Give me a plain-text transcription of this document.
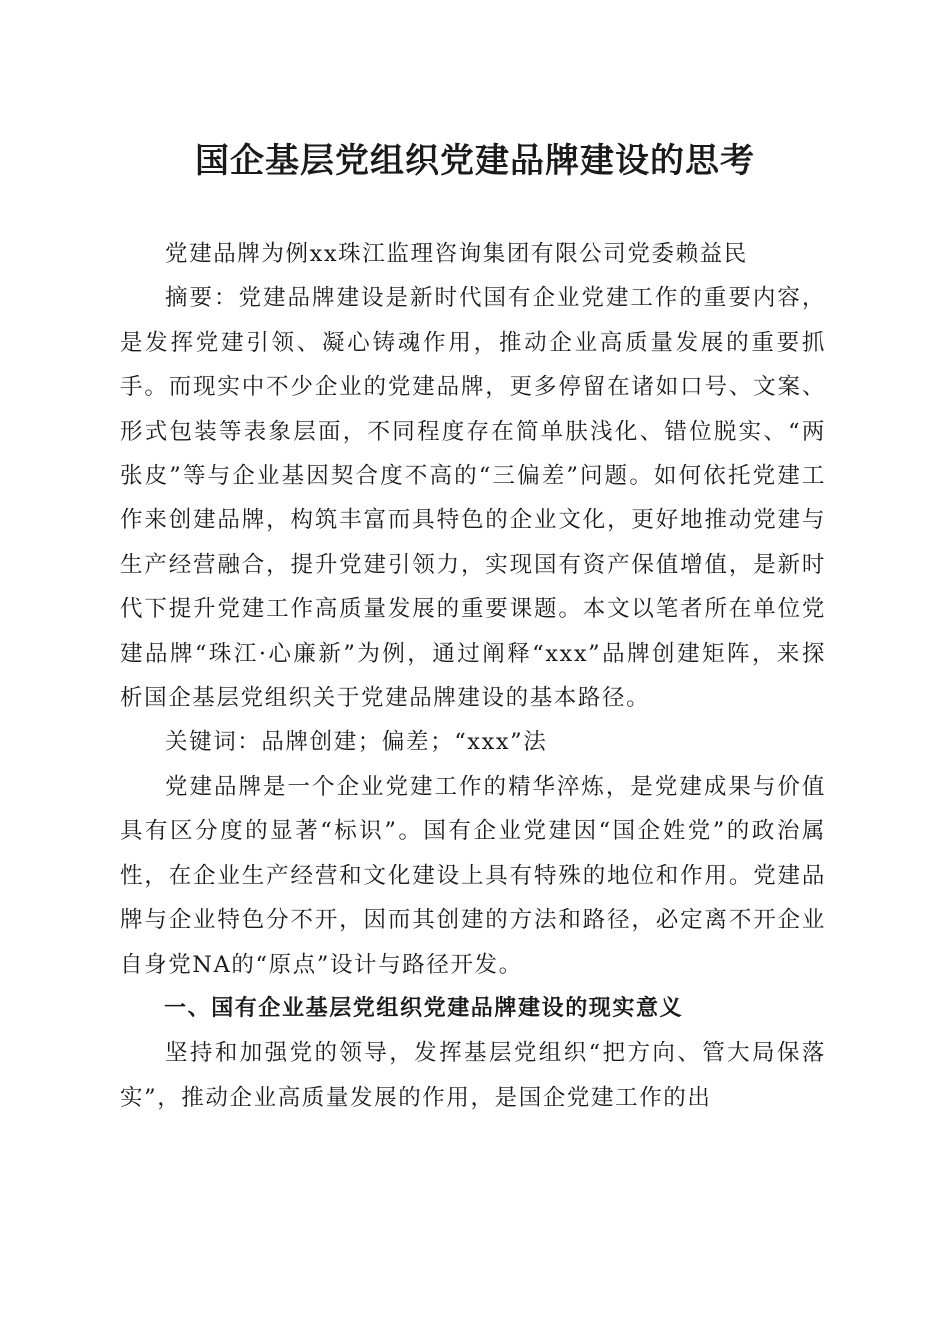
国企基层党组织党建品牌建设的思考

党建品牌为例xx珠江监理咨询集团有限公司党委赖益民

摘要：党建品牌建设是新时代国有企业党建工作的重要内容，是发挥党建引领、凝心铸魂作用，推动企业高质量发展的重要抓手。而现实中不少企业的党建品牌，更多停留在诸如口号、文案、形式包装等表象层面，不同程度存在简单肤浅化、错位脱实、“两张皮”等与企业基因契合度不高的“三偏差”问题。如何依托党建工作来创建品牌，构筑丰富而具特色的企业文化，更好地推动党建与生产经营融合，提升党建引领力，实现国有资产保值增值，是新时代下提升党建工作高质量发展的重要课题。本文以笔者所在单位党建品牌“珠江·心廉新”为例，通过阐释“xxx”品牌创建矩阵，来探析国企基层党组织关于党建品牌建设的基本路径。

关键词：品牌创建；偏差；“xxx”法

党建品牌是一个企业党建工作的精华淬炼，是党建成果与价值具有区分度的显著“标识”。国有企业党建因“国企姓党”的政治属性，在企业生产经营和文化建设上具有特殊的地位和作用。党建品牌与企业特色分不开，因而其创建的方法和路径，必定离不开企业自身党NA的“原点”设计与路径开发。

一、国有企业基层党组织党建品牌建设的现实意义

坚持和加强党的领导，发挥基层党组织“把方向、管大局保落实”，推动企业高质量发展的作用，是国企党建工作的出
